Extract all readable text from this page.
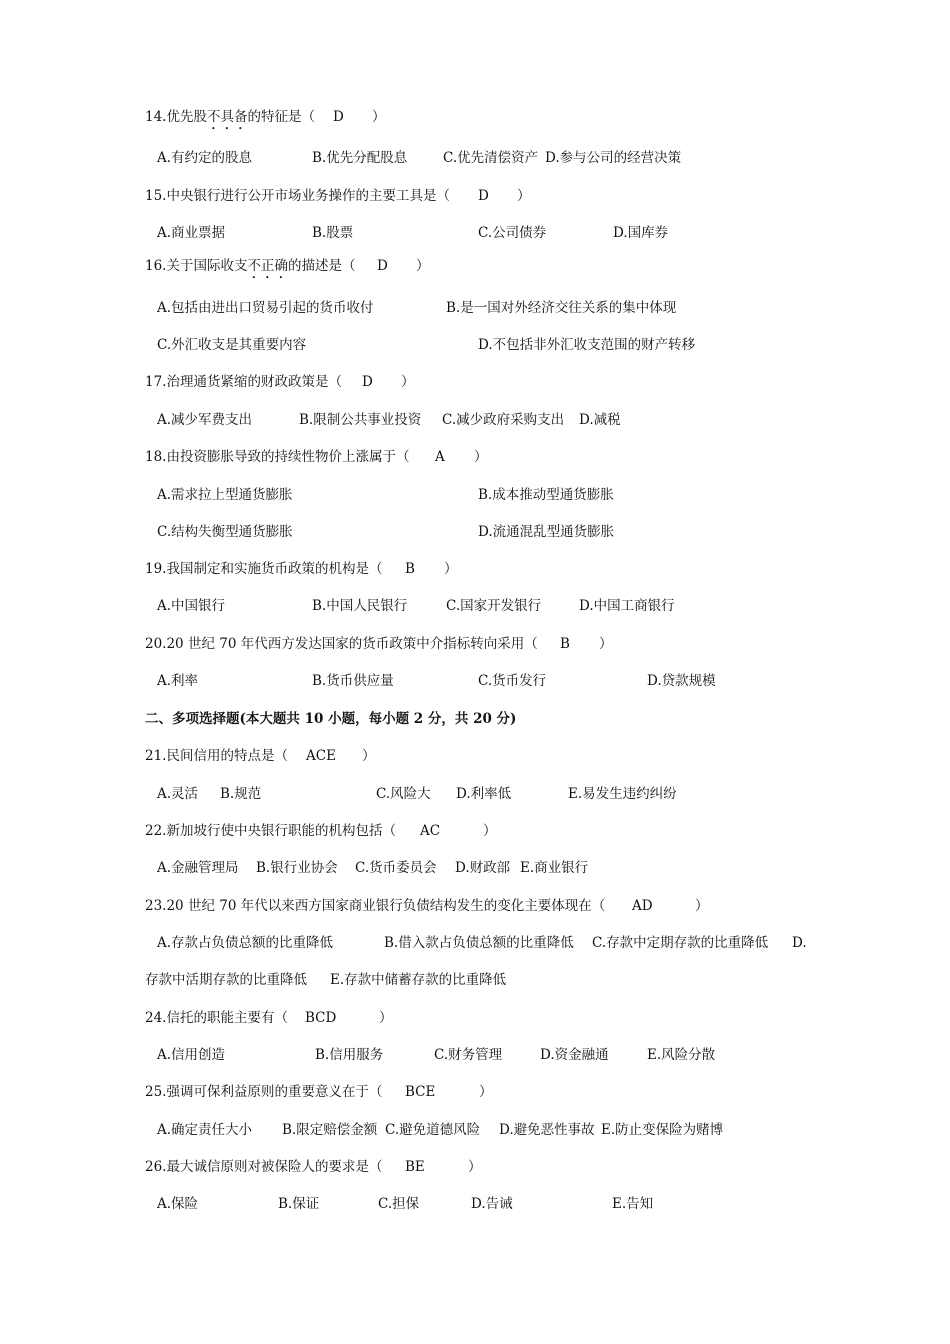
14.优先股不具备的特征是（ D ）
A.有约定的股息	B.优先分配股息	C.优先清偿资产 D.参与公司的经营决策
15.中央银行进行公开市场业务操作的主要工具是（ D ）
A.商业票据	B.股票	C.公司债券	D.国库券
16.关于国际收支不正确的描述是（ D ）
A.包括由进出口贸易引起的货币收付	B.是一国对外经济交往关系的集中体现
C.外汇收支是其重要内容	D.不包括非外汇收支范围的财产转移
17.治理通货紧缩的财政政策是（ D ）
A.减少军费支出	B.限制公共事业投资 C.减少政府采购支出 D.减税
18.由投资膨胀导致的持续性物价上涨属于（ A ）
A.需求拉上型通货膨胀	B.成本推动型通货膨胀
C.结构失衡型通货膨胀	D.流通混乱型通货膨胀
19.我国制定和实施货币政策的机构是（ B ）
A.中国银行	B.中国人民银行	C.国家开发银行	D.中国工商银行
20.20 世纪 70 年代西方发达国家的货币政策中介指标转向采用（ B ）
A.利率	B.货币供应量	C.货币发行	D.贷款规模
二、多项选择题(本大题共 10 小题，每小题 2 分，共 20 分)
21.民间信用的特点是（ ACE ）
A.灵活 B.规范	C.风险大 D.利率低	E.易发生违约纠纷
22.新加坡行使中央银行职能的机构包括（ AC	）
A.金融管理局 B.银行业协会 C.货币委员会 D.财政部 E.商业银行
23.20 世纪 70 年代以来西方国家商业银行负债结构发生的变化主要体现在（ AD	）
A.存款占负债总额的比重降低	B.借入款占负债总额的比重降低 C.存款中定期存款的比重降低 D.
存款中活期存款的比重降低 E.存款中储蓄存款的比重降低
24.信托的职能主要有（ BCD	）
A.信用创造	B.信用服务	C.财务管理	D.资金融通	E.风险分散
25.强调可保利益原则的重要意义在于（ BCE	）
A.确定责任大小 B.限定赔偿金额 C.避免道德风险 D.避免恶性事故 E.防止变保险为赌博
26.最大诚信原则对被保险人的要求是（ BE	）
A.保险	B.保证	C.担保	D.告诫	E.告知
